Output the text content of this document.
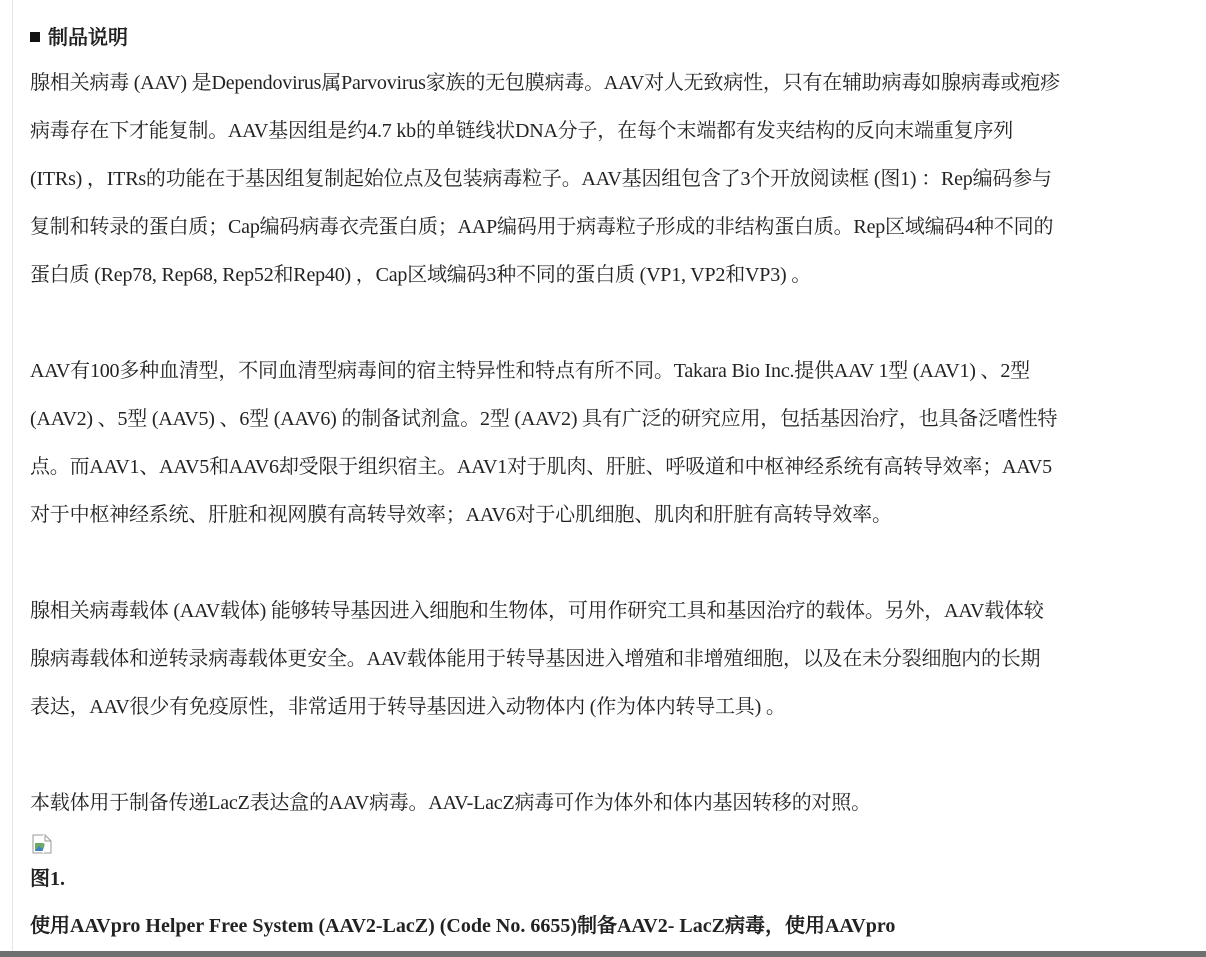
制品说明

腺相关病毒 (AAV) 是Dependovirus属Parvovirus家族的无包膜病毒。AAV对人无致病性，只有在辅助病毒如腺病毒或疱疹病毒存在下才能复制。AAV基因组是约4.7 kb的单链线状DNA分子，在每个末端都有发夹结构的反向末端重复序列 (ITRs) ，ITRs的功能在于基因组复制起始位点及包装病毒粒子。AAV基因组包含了3个开放阅读框 (图1) ：Rep编码参与复制和转录的蛋白质；Cap编码病毒衣壳蛋白质；AAP编码用于病毒粒子形成的非结构蛋白质。Rep区域编码4种不同的蛋白质 (Rep78, Rep68, Rep52和Rep40) ，Cap区域编码3种不同的蛋白质 (VP1, VP2和VP3) 。

AAV有100多种血清型，不同血清型病毒间的宿主特异性和特点有所不同。Takara Bio Inc.提供AAV 1型 (AAV1) 、2型 (AAV2) 、5型 (AAV5) 、6型 (AAV6) 的制备试剂盒。2型 (AAV2) 具有广泛的研究应用，包括基因治疗，也具备泛嗜性特点。而AAV1、AAV5和AAV6却受限于组织宿主。AAV1对于肌肉、肝脏、呼吸道和中枢神经系统有高转导效率；AAV5对于中枢神经系统、肝脏和视网膜有高转导效率；AAV6对于心肌细胞、肌肉和肝脏有高转导效率。

腺相关病毒载体 (AAV载体) 能够转导基因进入细胞和生物体，可用作研究工具和基因治疗的载体。另外，AAV载体较腺病毒载体和逆转录病毒载体更安全。AAV载体能用于转导基因进入增殖和非增殖细胞，以及在未分裂细胞内的长期表达，AAV很少有免疫原性，非常适用于转导基因进入动物体内 (作为体内转导工具) 。

本载体用于制备传递LacZ表达盒的AAV病毒。AAV-LacZ病毒可作为体外和体内基因转移的对照。

图1.
使用AAVpro Helper Free System (AAV2-LacZ) (Code No. 6655)制备AAV2- LacZ病毒，使用AAVpro
